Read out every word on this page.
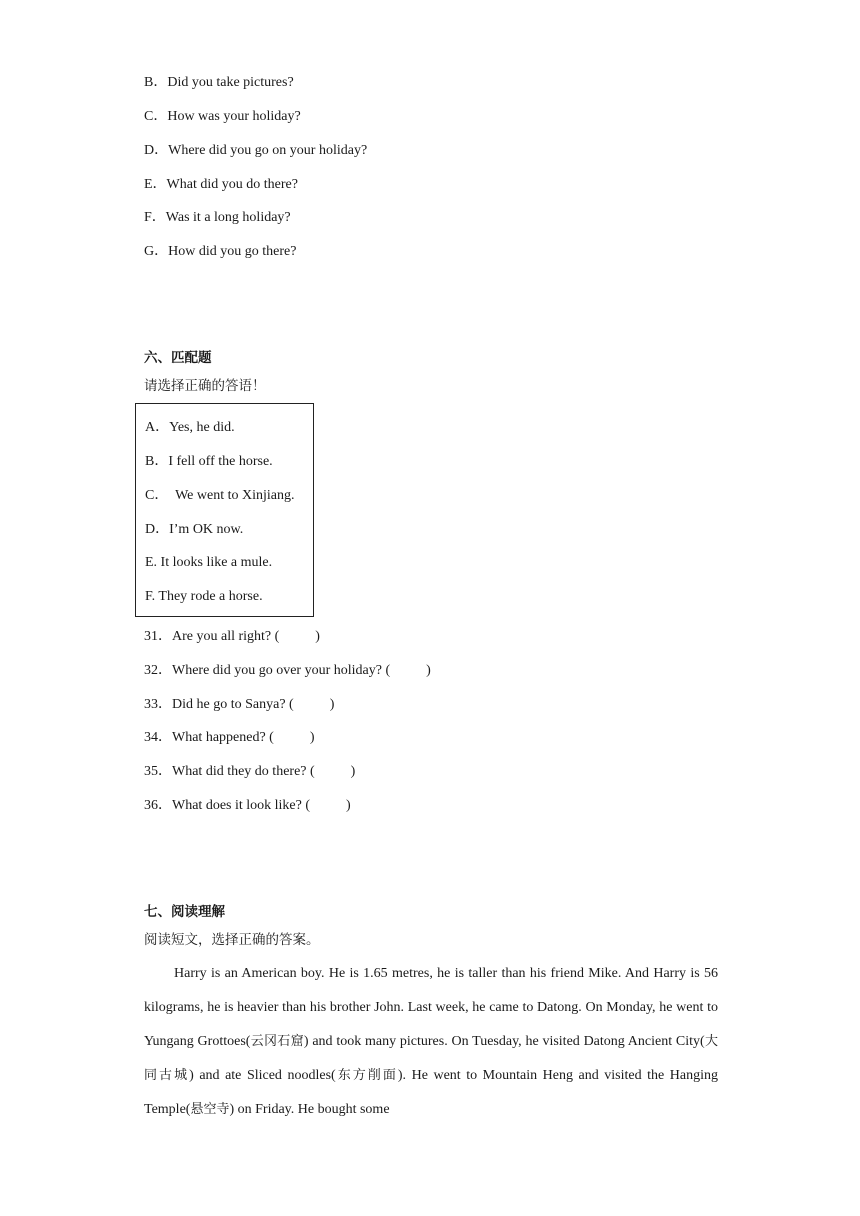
B．Did you take pictures?
C．How was your holiday?
D．Where did you go on your holiday?
E．What did you do there?
F．Was it a long holiday?
G．How did you go there?
六、匹配题
请选择正确的答语！
A．Yes, he did.
B．I fell off the horse.
C．  We went to Xinjiang.
D．I’m OK now.
E. It looks like a mule.
F. They rode a horse.
31．Are you all right? (	)
32．Where did you go over your holiday? (	)
33．Did he go to Sanya? (	)
34．What happened? (	)
35．What did they do there? (	)
36．What does it look like? (	)
七、阅读理解
阅读短文，选择正确的答案。

Harry is an American boy. He is 1.65 metres, he is taller than his friend Mike. And Harry is 56 kilograms, he is heavier than his brother John. Last week, he came to Datong. On Monday, he went to Yungang Grottoes(云冈石窟) and took many pictures. On Tuesday, he visited Datong Ancient City(大同古城) and ate Sliced noodles(东方削面). He went to Mountain Heng and visited the Hanging Temple(悬空寺) on Friday. He bought some
